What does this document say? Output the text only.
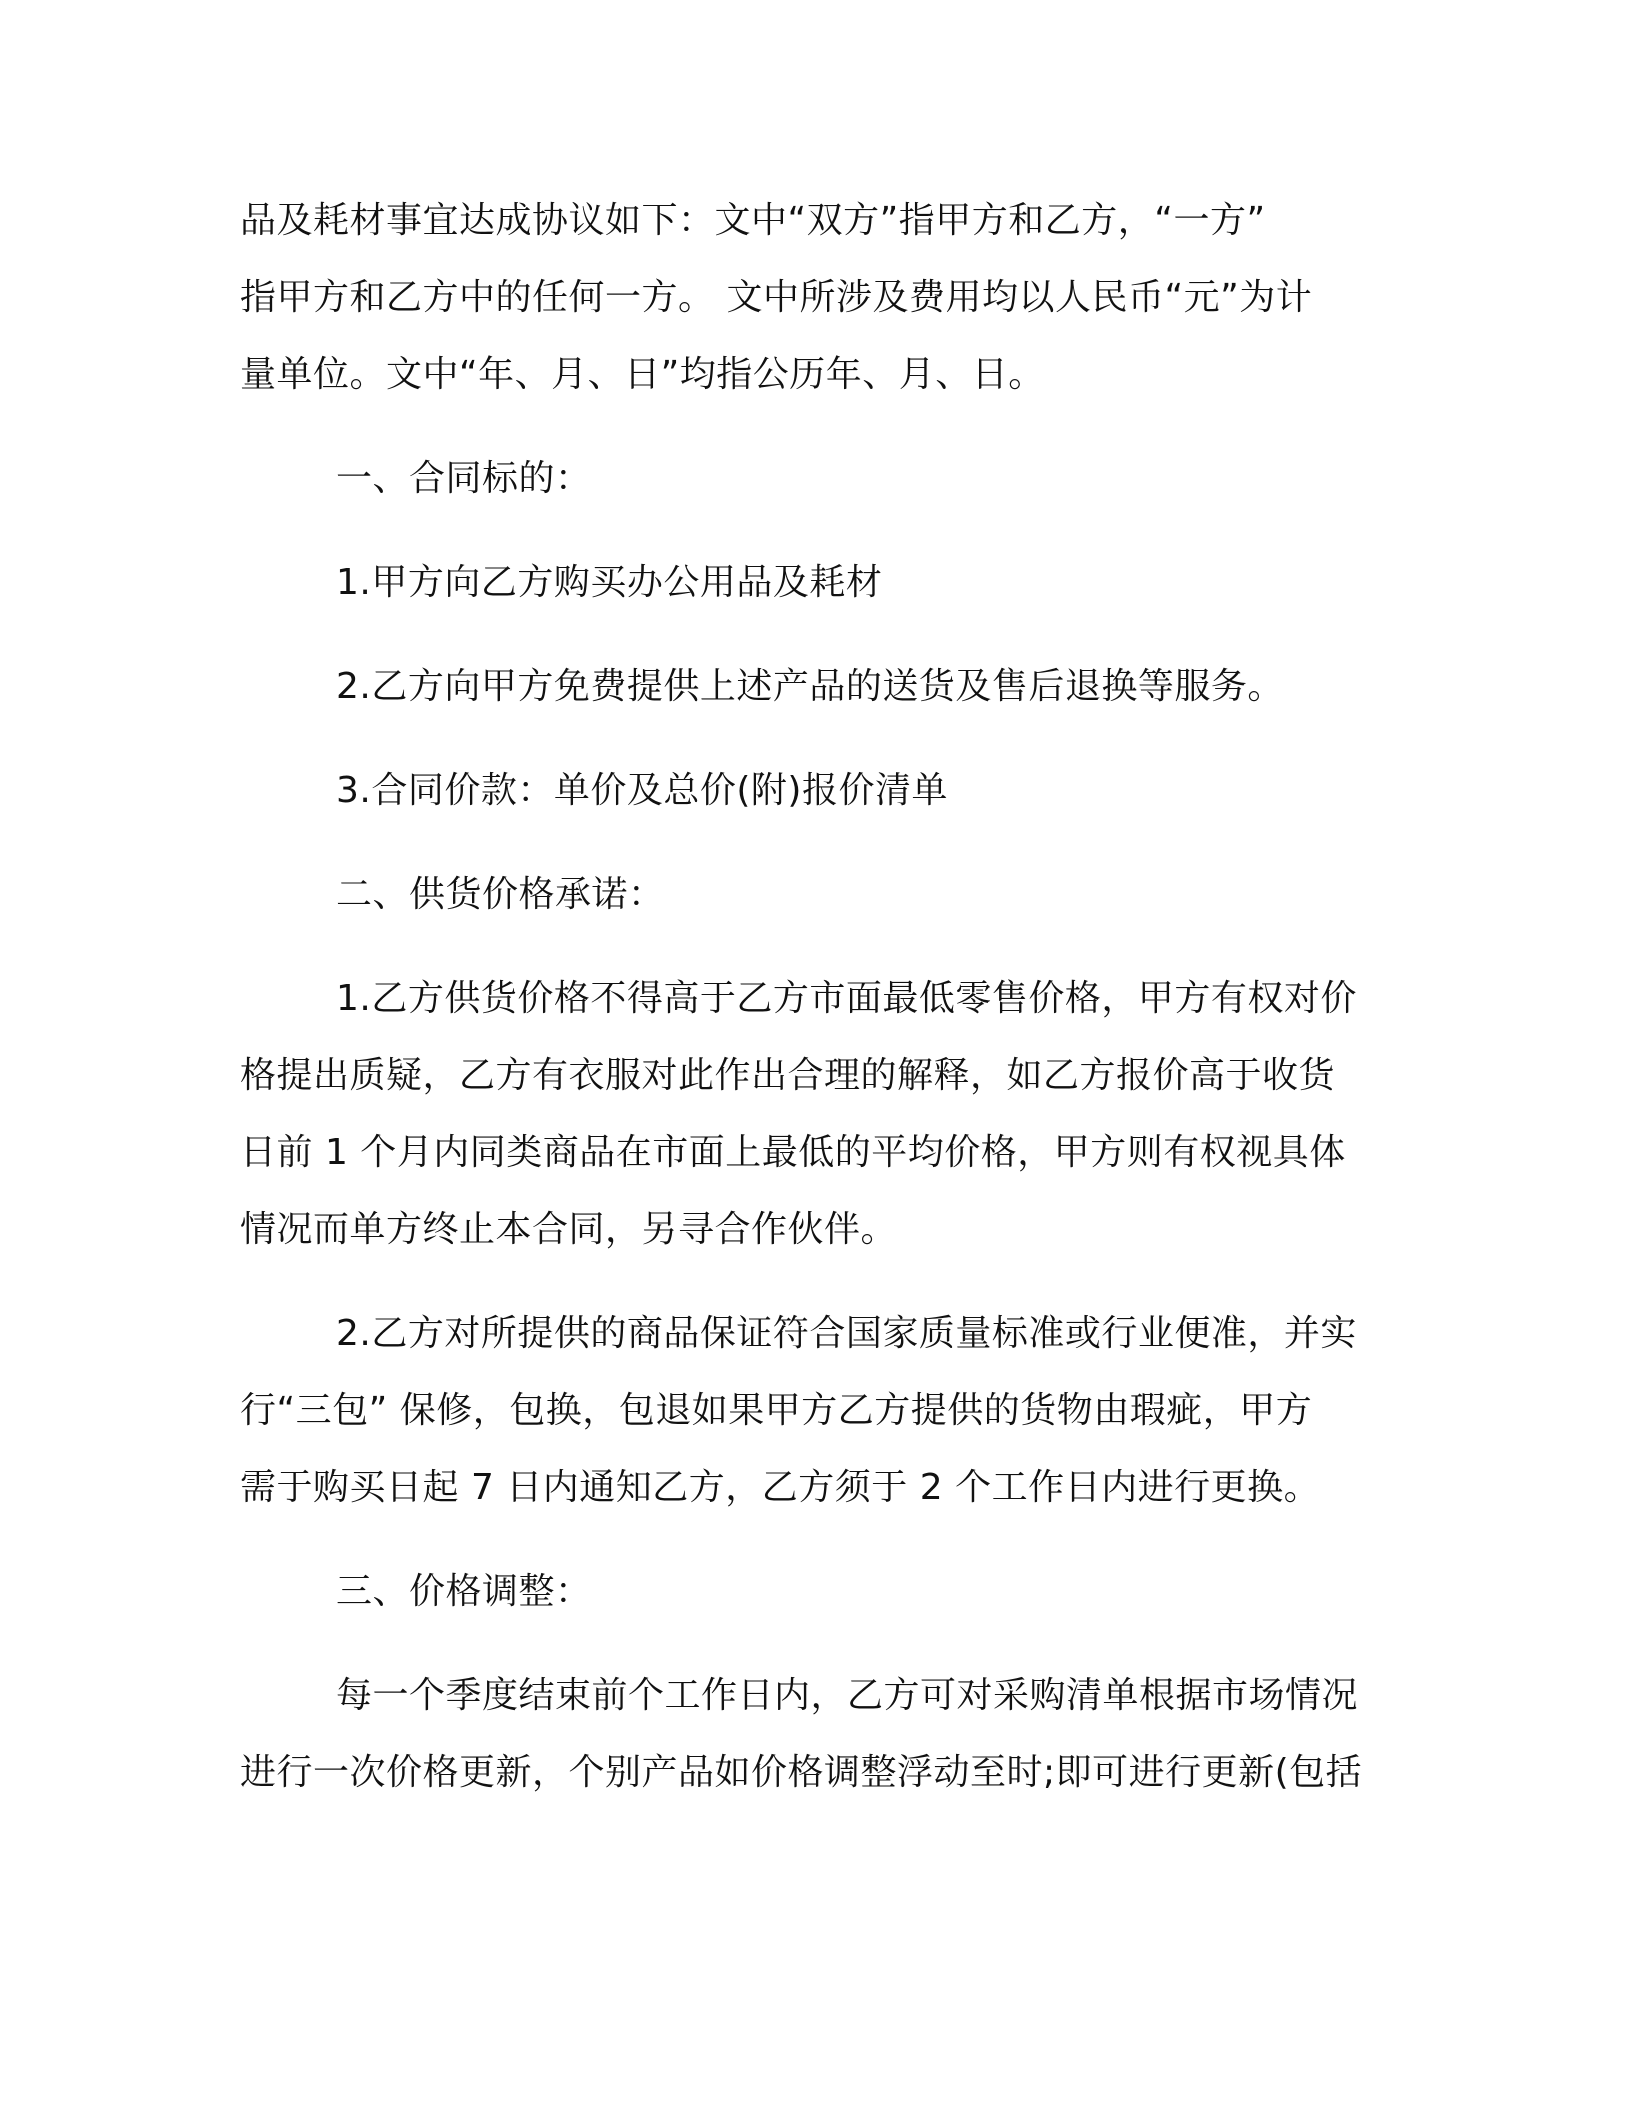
品及耗材事宜达成协议如下：文中“双方”指甲方和乙方，“一方”
指甲方和乙方中的任何一方。 文中所涉及费用均以人民币“元”为计
量单位。文中“年、月、日”均指公历年、月、日。
一、合同标的：
1.甲方向乙方购买办公用品及耗材
2.乙方向甲方免费提供上述产品的送货及售后退换等服务。
3.合同价款：单价及总价(附)报价清单
二、供货价格承诺：
1.乙方供货价格不得高于乙方市面最低零售价格，甲方有权对价
格提出质疑，乙方有衣服对此作出合理的解释，如乙方报价高于收货
日前 1 个月内同类商品在市面上最低的平均价格，甲方则有权视具体
情况而单方终止本合同，另寻合作伙伴。
2.乙方对所提供的商品保证符合国家质量标准或行业便准，并实
行“三包” 保修，包换，包退如果甲方乙方提供的货物由瑕疵，甲方
需于购买日起 7 日内通知乙方，乙方须于 2 个工作日内进行更换。
三、价格调整：
每一个季度结束前个工作日内，乙方可对采购清单根据市场情况
进行一次价格更新，个别产品如价格调整浮动至时;即可进行更新(包括
